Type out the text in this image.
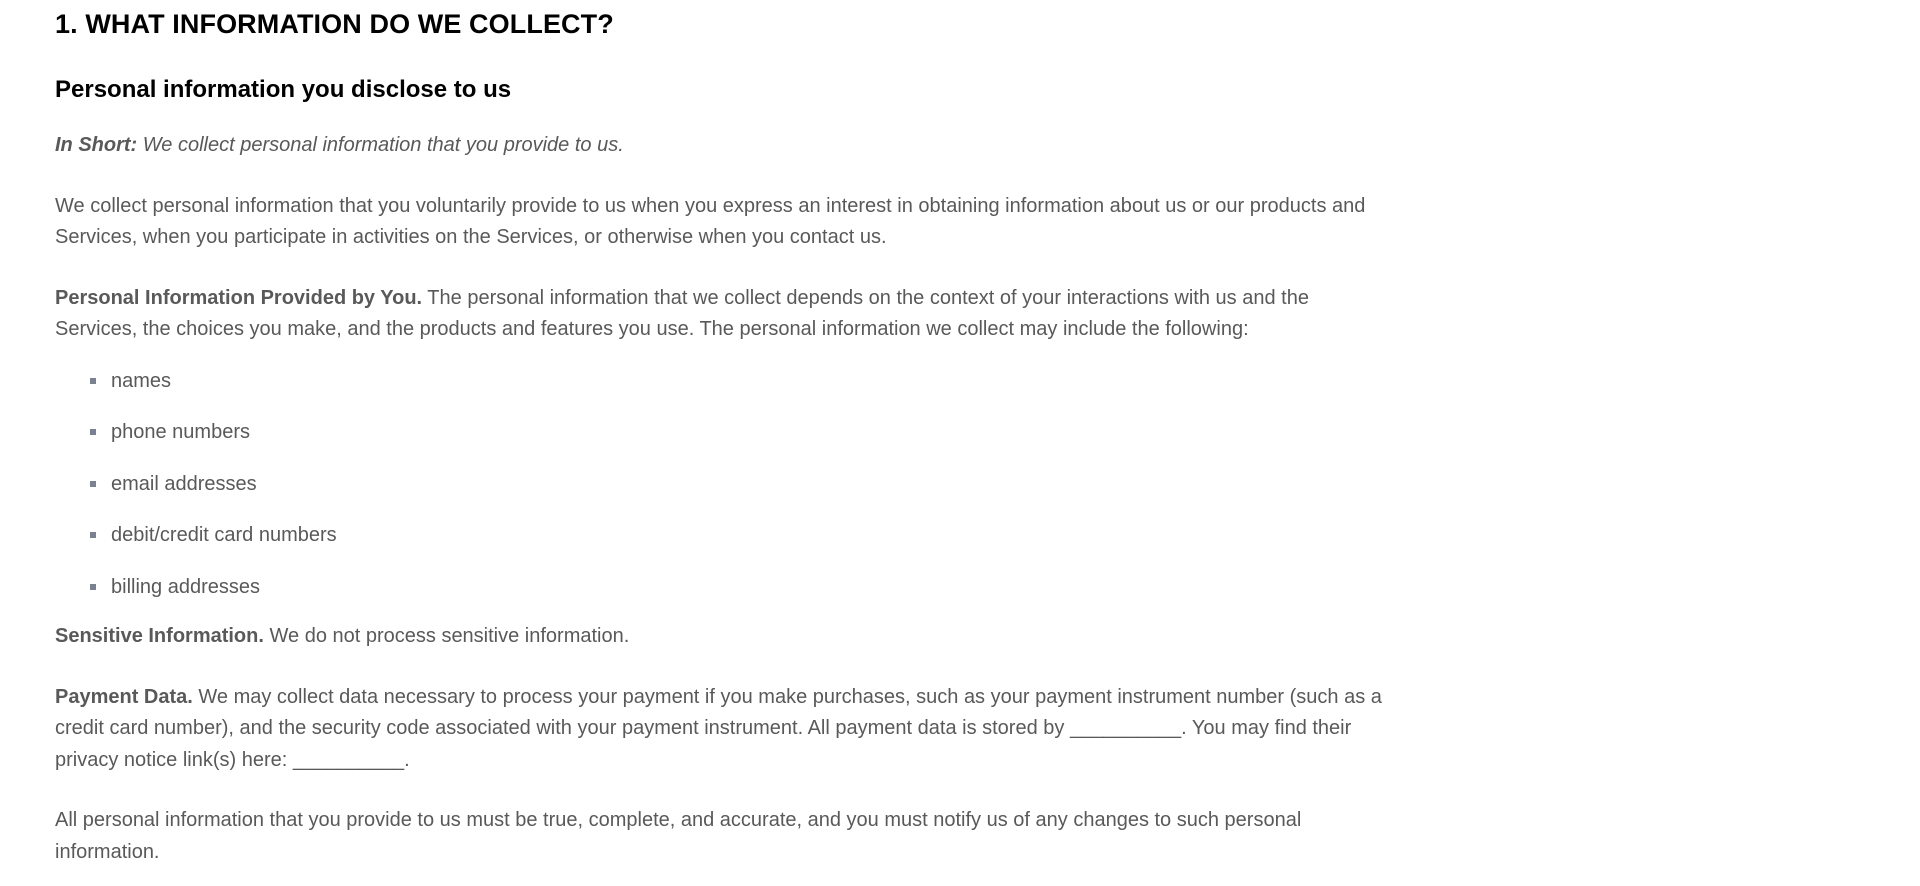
1. WHAT INFORMATION DO WE COLLECT?
Personal information you disclose to us

In Short: We collect personal information that you provide to us.

We collect personal information that you voluntarily provide to us when you express an interest in obtaining information about us or our products and Services, when you participate in activities on the Services, or otherwise when you contact us.

Personal Information Provided by You. The personal information that we collect depends on the context of your interactions with us and the Services, the choices you make, and the products and features you use. The personal information we collect may include the following:

names
phone numbers
email addresses
debit/credit card numbers
billing addresses

Sensitive Information. We do not process sensitive information.

Payment Data. We may collect data necessary to process your payment if you make purchases, such as your payment instrument number (such as a credit card number), and the security code associated with your payment instrument. All payment data is stored by __________. You may find their privacy notice link(s) here: __________.

All personal information that you provide to us must be true, complete, and accurate, and you must notify us of any changes to such personal information.
